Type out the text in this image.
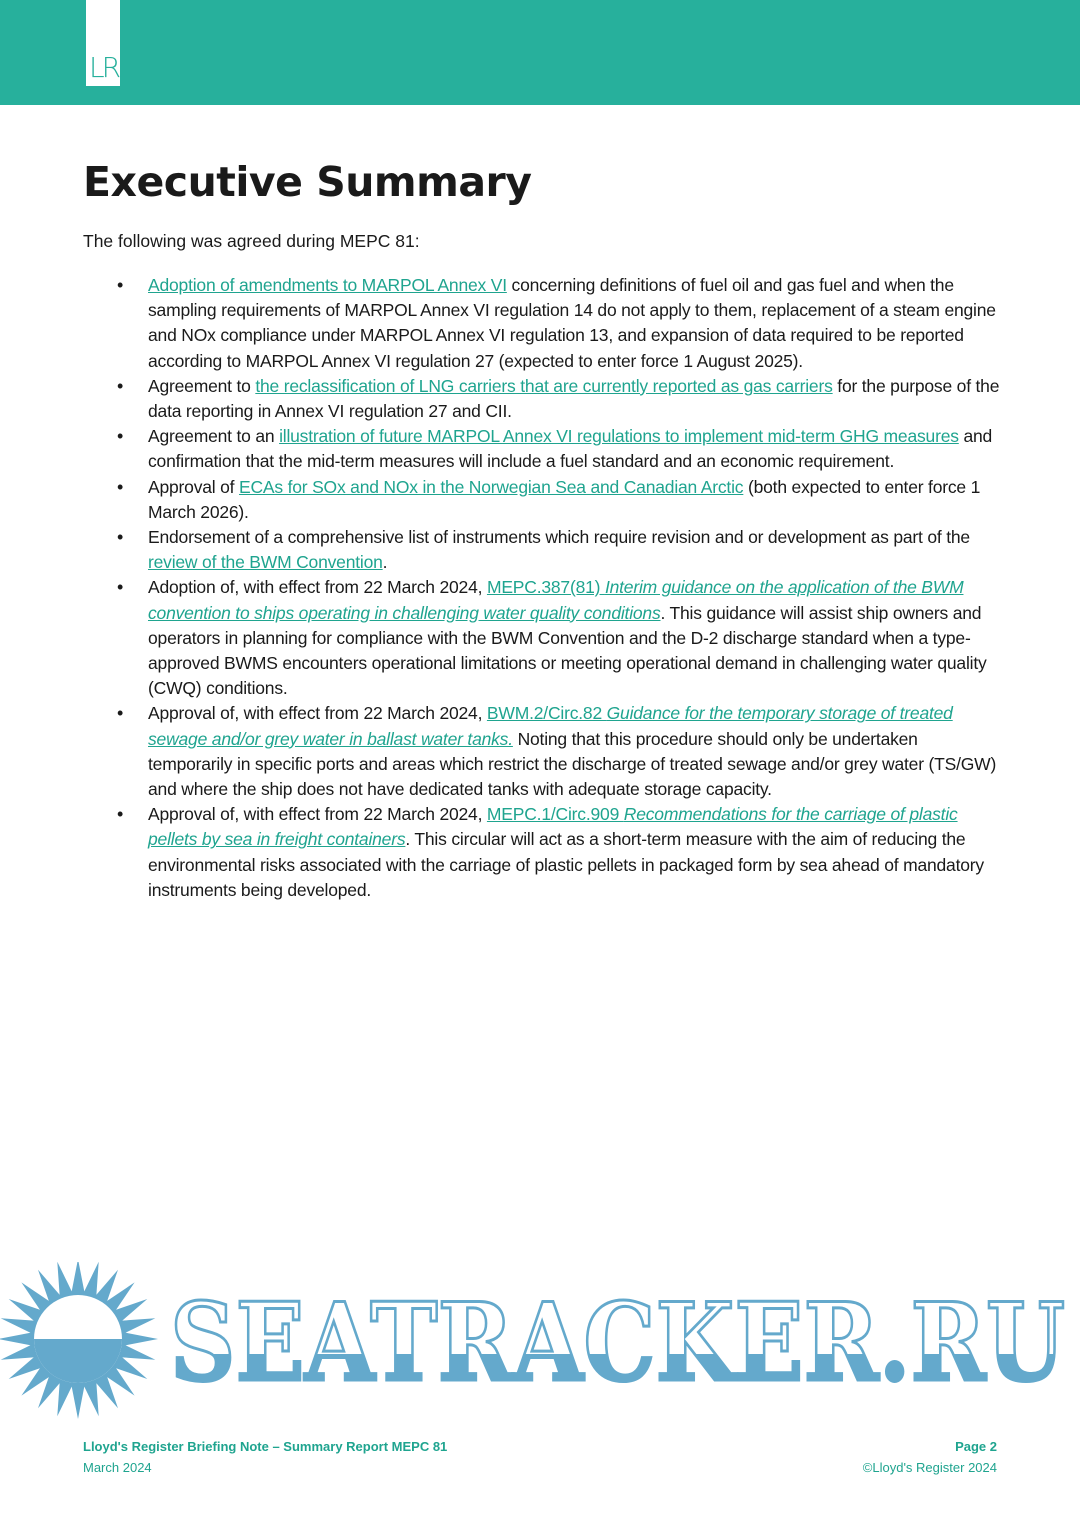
LR
Executive Summary

The following was agreed during MEPC 81:

• Adoption of amendments to MARPOL Annex VI concerning definitions of fuel oil and gas fuel and when the sampling requirements of MARPOL Annex VI regulation 14 do not apply to them, replacement of a steam engine and NOx compliance under MARPOL Annex VI regulation 13, and expansion of data required to be reported according to MARPOL Annex VI regulation 27 (expected to enter force 1 August 2025).
• Agreement to the reclassification of LNG carriers that are currently reported as gas carriers for the purpose of the data reporting in Annex VI regulation 27 and CII.
• Agreement to an illustration of future MARPOL Annex VI regulations to implement mid-term GHG measures and confirmation that the mid-term measures will include a fuel standard and an economic requirement.
• Approval of ECAs for SOx and NOx in the Norwegian Sea and Canadian Arctic (both expected to enter force 1 March 2026).
• Endorsement of a comprehensive list of instruments which require revision and or development as part of the review of the BWM Convention.
• Adoption of, with effect from 22 March 2024, MEPC.387(81) Interim guidance on the application of the BWM convention to ships operating in challenging water quality conditions. This guidance will assist ship owners and operators in planning for compliance with the BWM Convention and the D-2 discharge standard when a type-approved BWMS encounters operational limitations or meeting operational demand in challenging water quality (CWQ) conditions.
• Approval of, with effect from 22 March 2024, BWM.2/Circ.82 Guidance for the temporary storage of treated sewage and/or grey water in ballast water tanks. Noting that this procedure should only be undertaken temporarily in specific ports and areas which restrict the discharge of treated sewage and/or grey water (TS/GW) and where the ship does not have dedicated tanks with adequate storage capacity.
• Approval of, with effect from 22 March 2024, MEPC.1/Circ.909 Recommendations for the carriage of plastic pellets by sea in freight containers. This circular will act as a short-term measure with the aim of reducing the environmental risks associated with the carriage of plastic pellets in packaged form by sea ahead of mandatory instruments being developed.
SEATRACKER.RU
Lloyd's Register Briefing Note – Summary Report MEPC 81
March 2024
Page 2
©Lloyd's Register 2024
